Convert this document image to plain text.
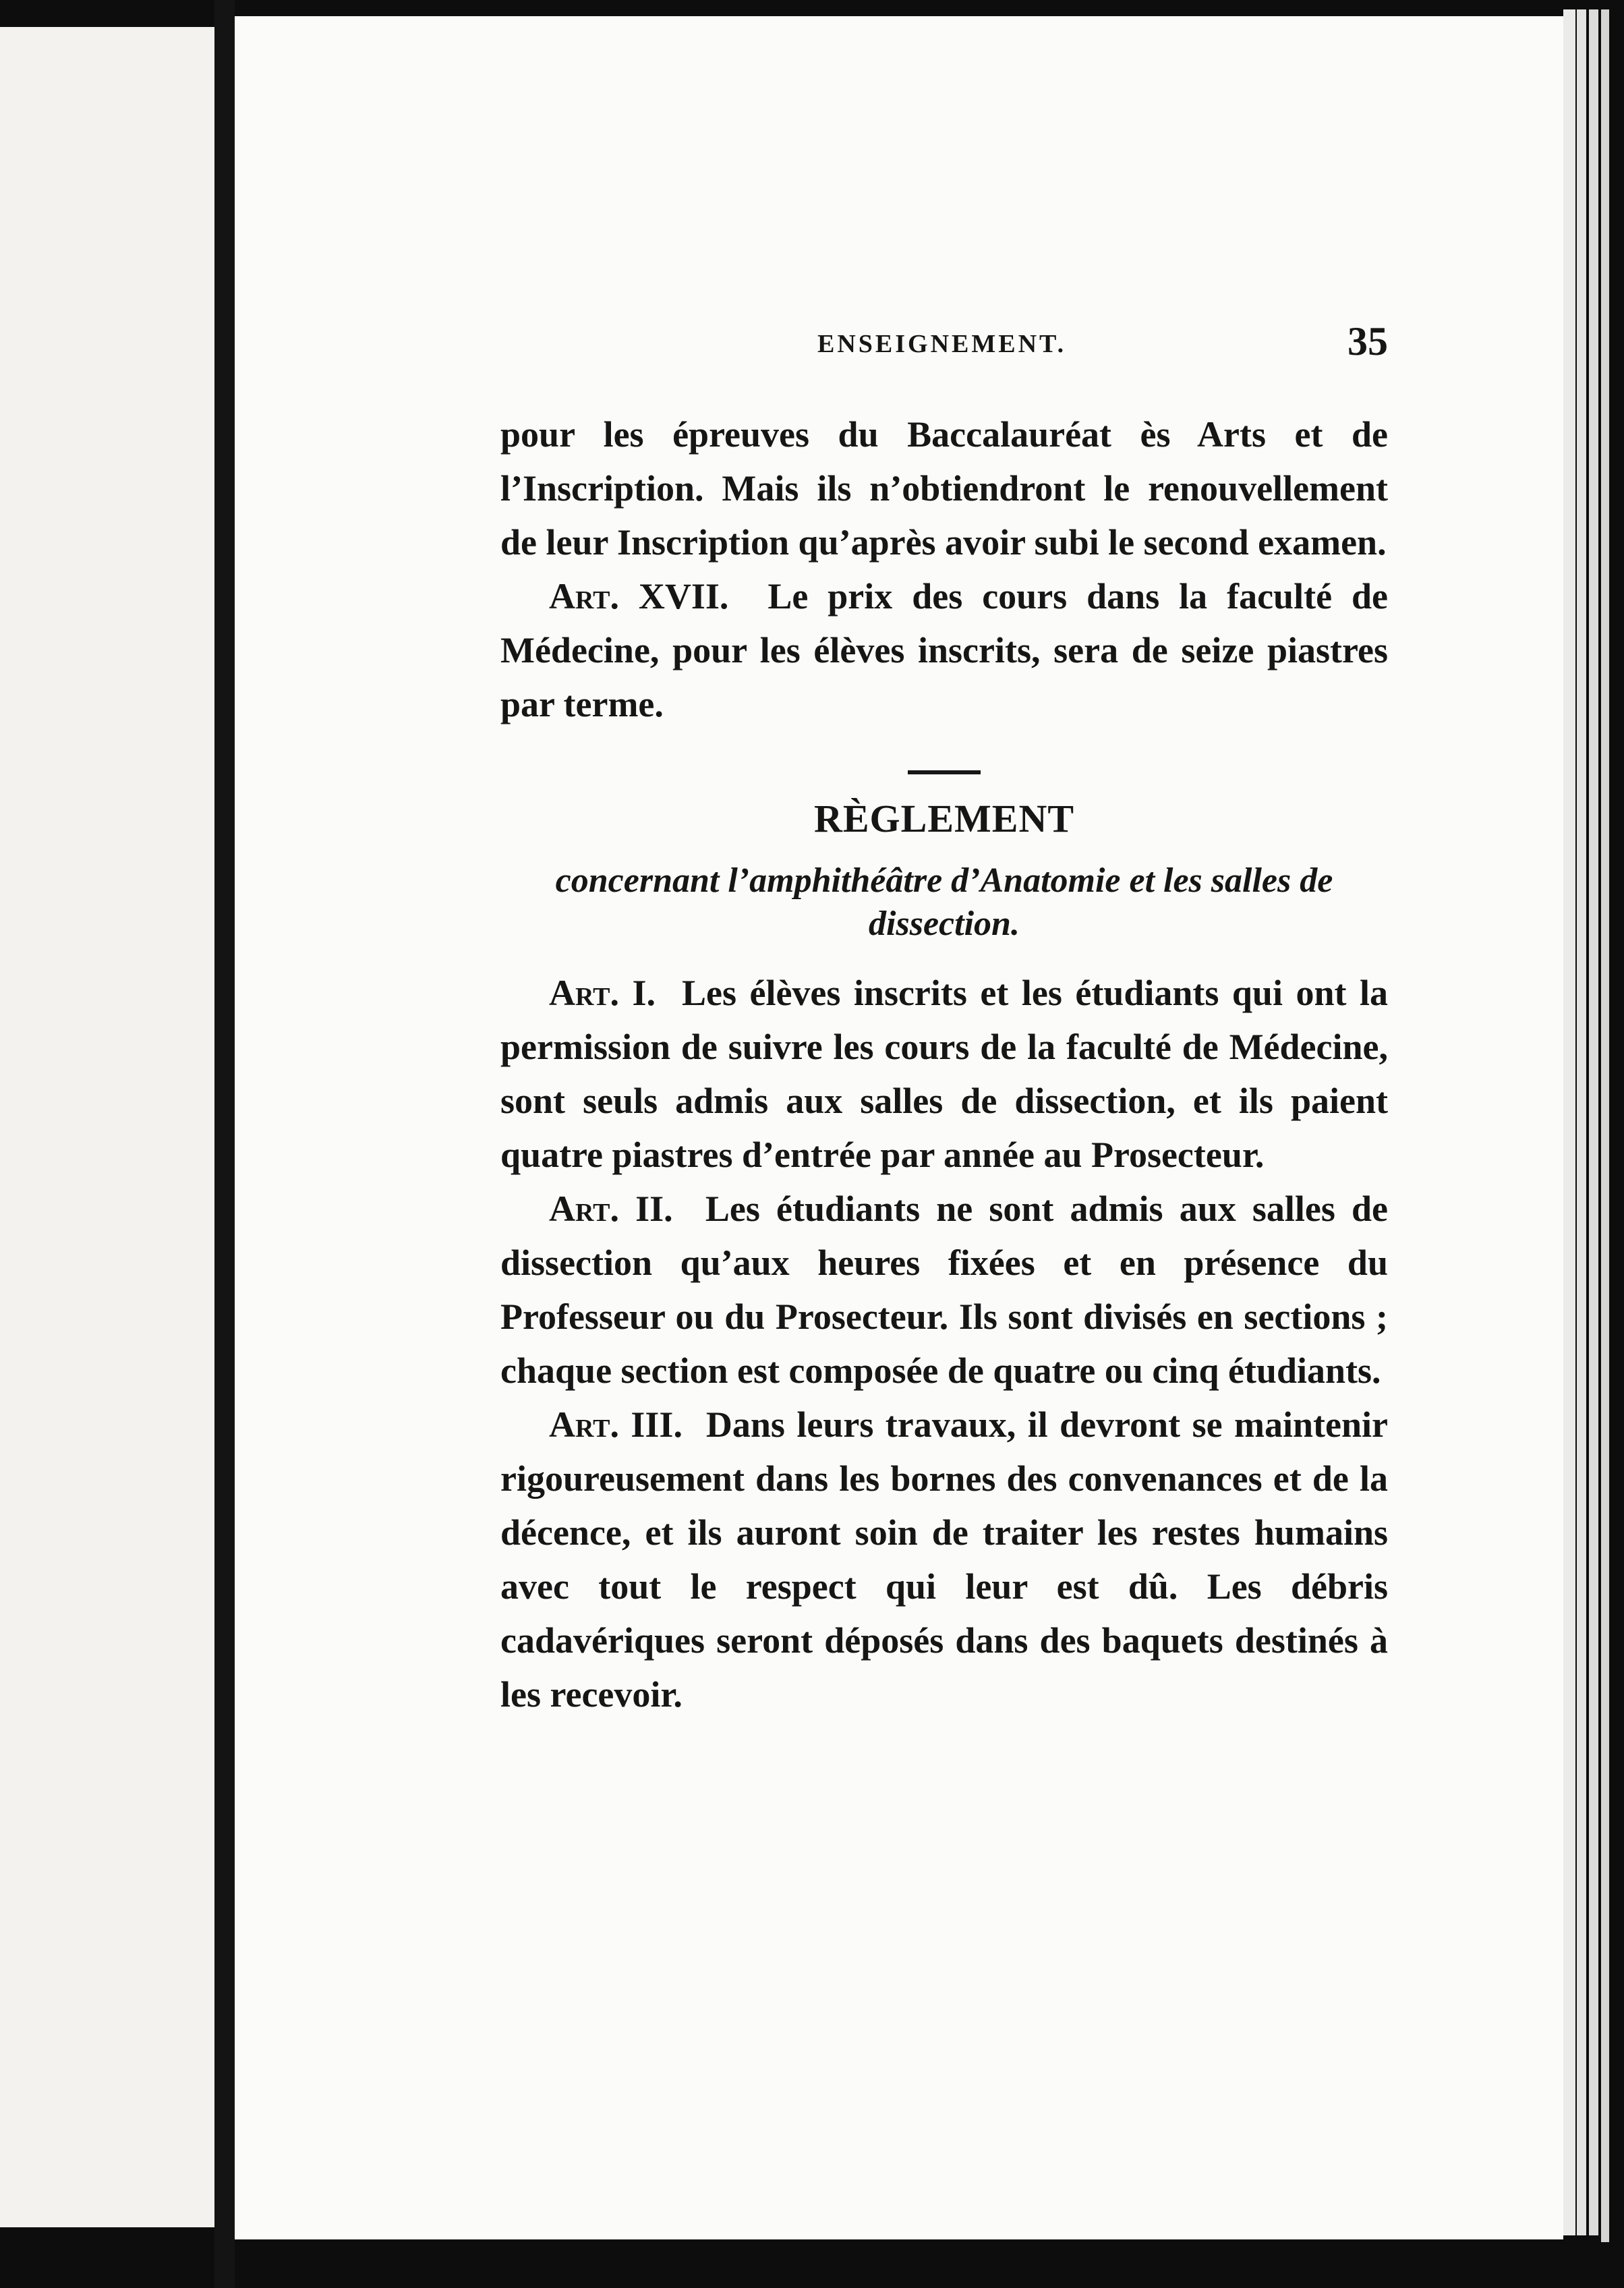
ENSEIGNEMENT.	35

pour les épreuves du Baccalauréat ès Arts et de l’Inscription. Mais ils n’obtiendront le renouvellement de leur Inscription qu’après avoir subi le second examen.

Art. XVII. Le prix des cours dans la faculté de Médecine, pour les élèves inscrits, sera de seize piastres par terme.

RÈGLEMENT
concernant l’amphithéâtre d’Anatomie et les salles de dissection.

Art. I. Les élèves inscrits et les étudiants qui ont la permission de suivre les cours de la faculté de Médecine, sont seuls admis aux salles de dissection, et ils paient quatre piastres d’entrée par année au Prosecteur.

Art. II. Les étudiants ne sont admis aux salles de dissection qu’aux heures fixées et en présence du Professeur ou du Prosecteur. Ils sont divisés en sections ; chaque section est composée de quatre ou cinq étudiants.

Art. III. Dans leurs travaux, il devront se maintenir rigoureusement dans les bornes des convenances et de la décence, et ils auront soin de traiter les restes humains avec tout le respect qui leur est dû. Les débris cadavériques seront déposés dans des baquets destinés à les recevoir.
